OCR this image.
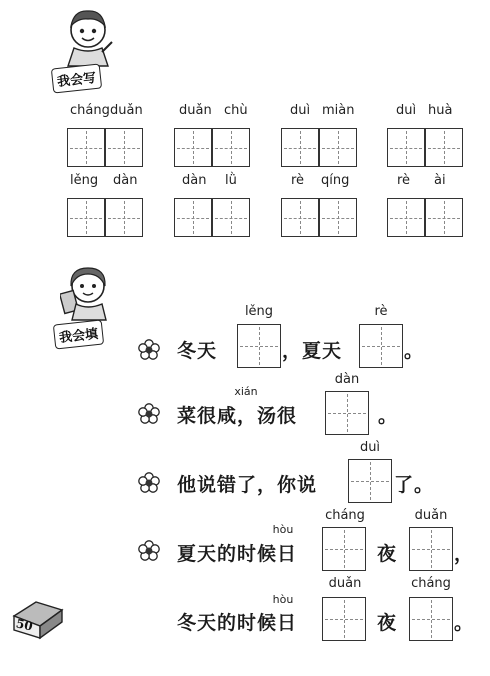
我会写
cháng duǎn	duǎn chù	duì miàn	duì huà
lěng dàn	dàn lǜ	rè qíng	rè ài
我会填
冬天
lěng
，夏天
rè
。
xián
菜很咸，汤很
dàn
。
他说错了，你说
duì
了。
hòu
夏天的时候日
cháng
夜
duǎn
，
hòu
冬天的时候日
duǎn
夜
cháng
。
50
